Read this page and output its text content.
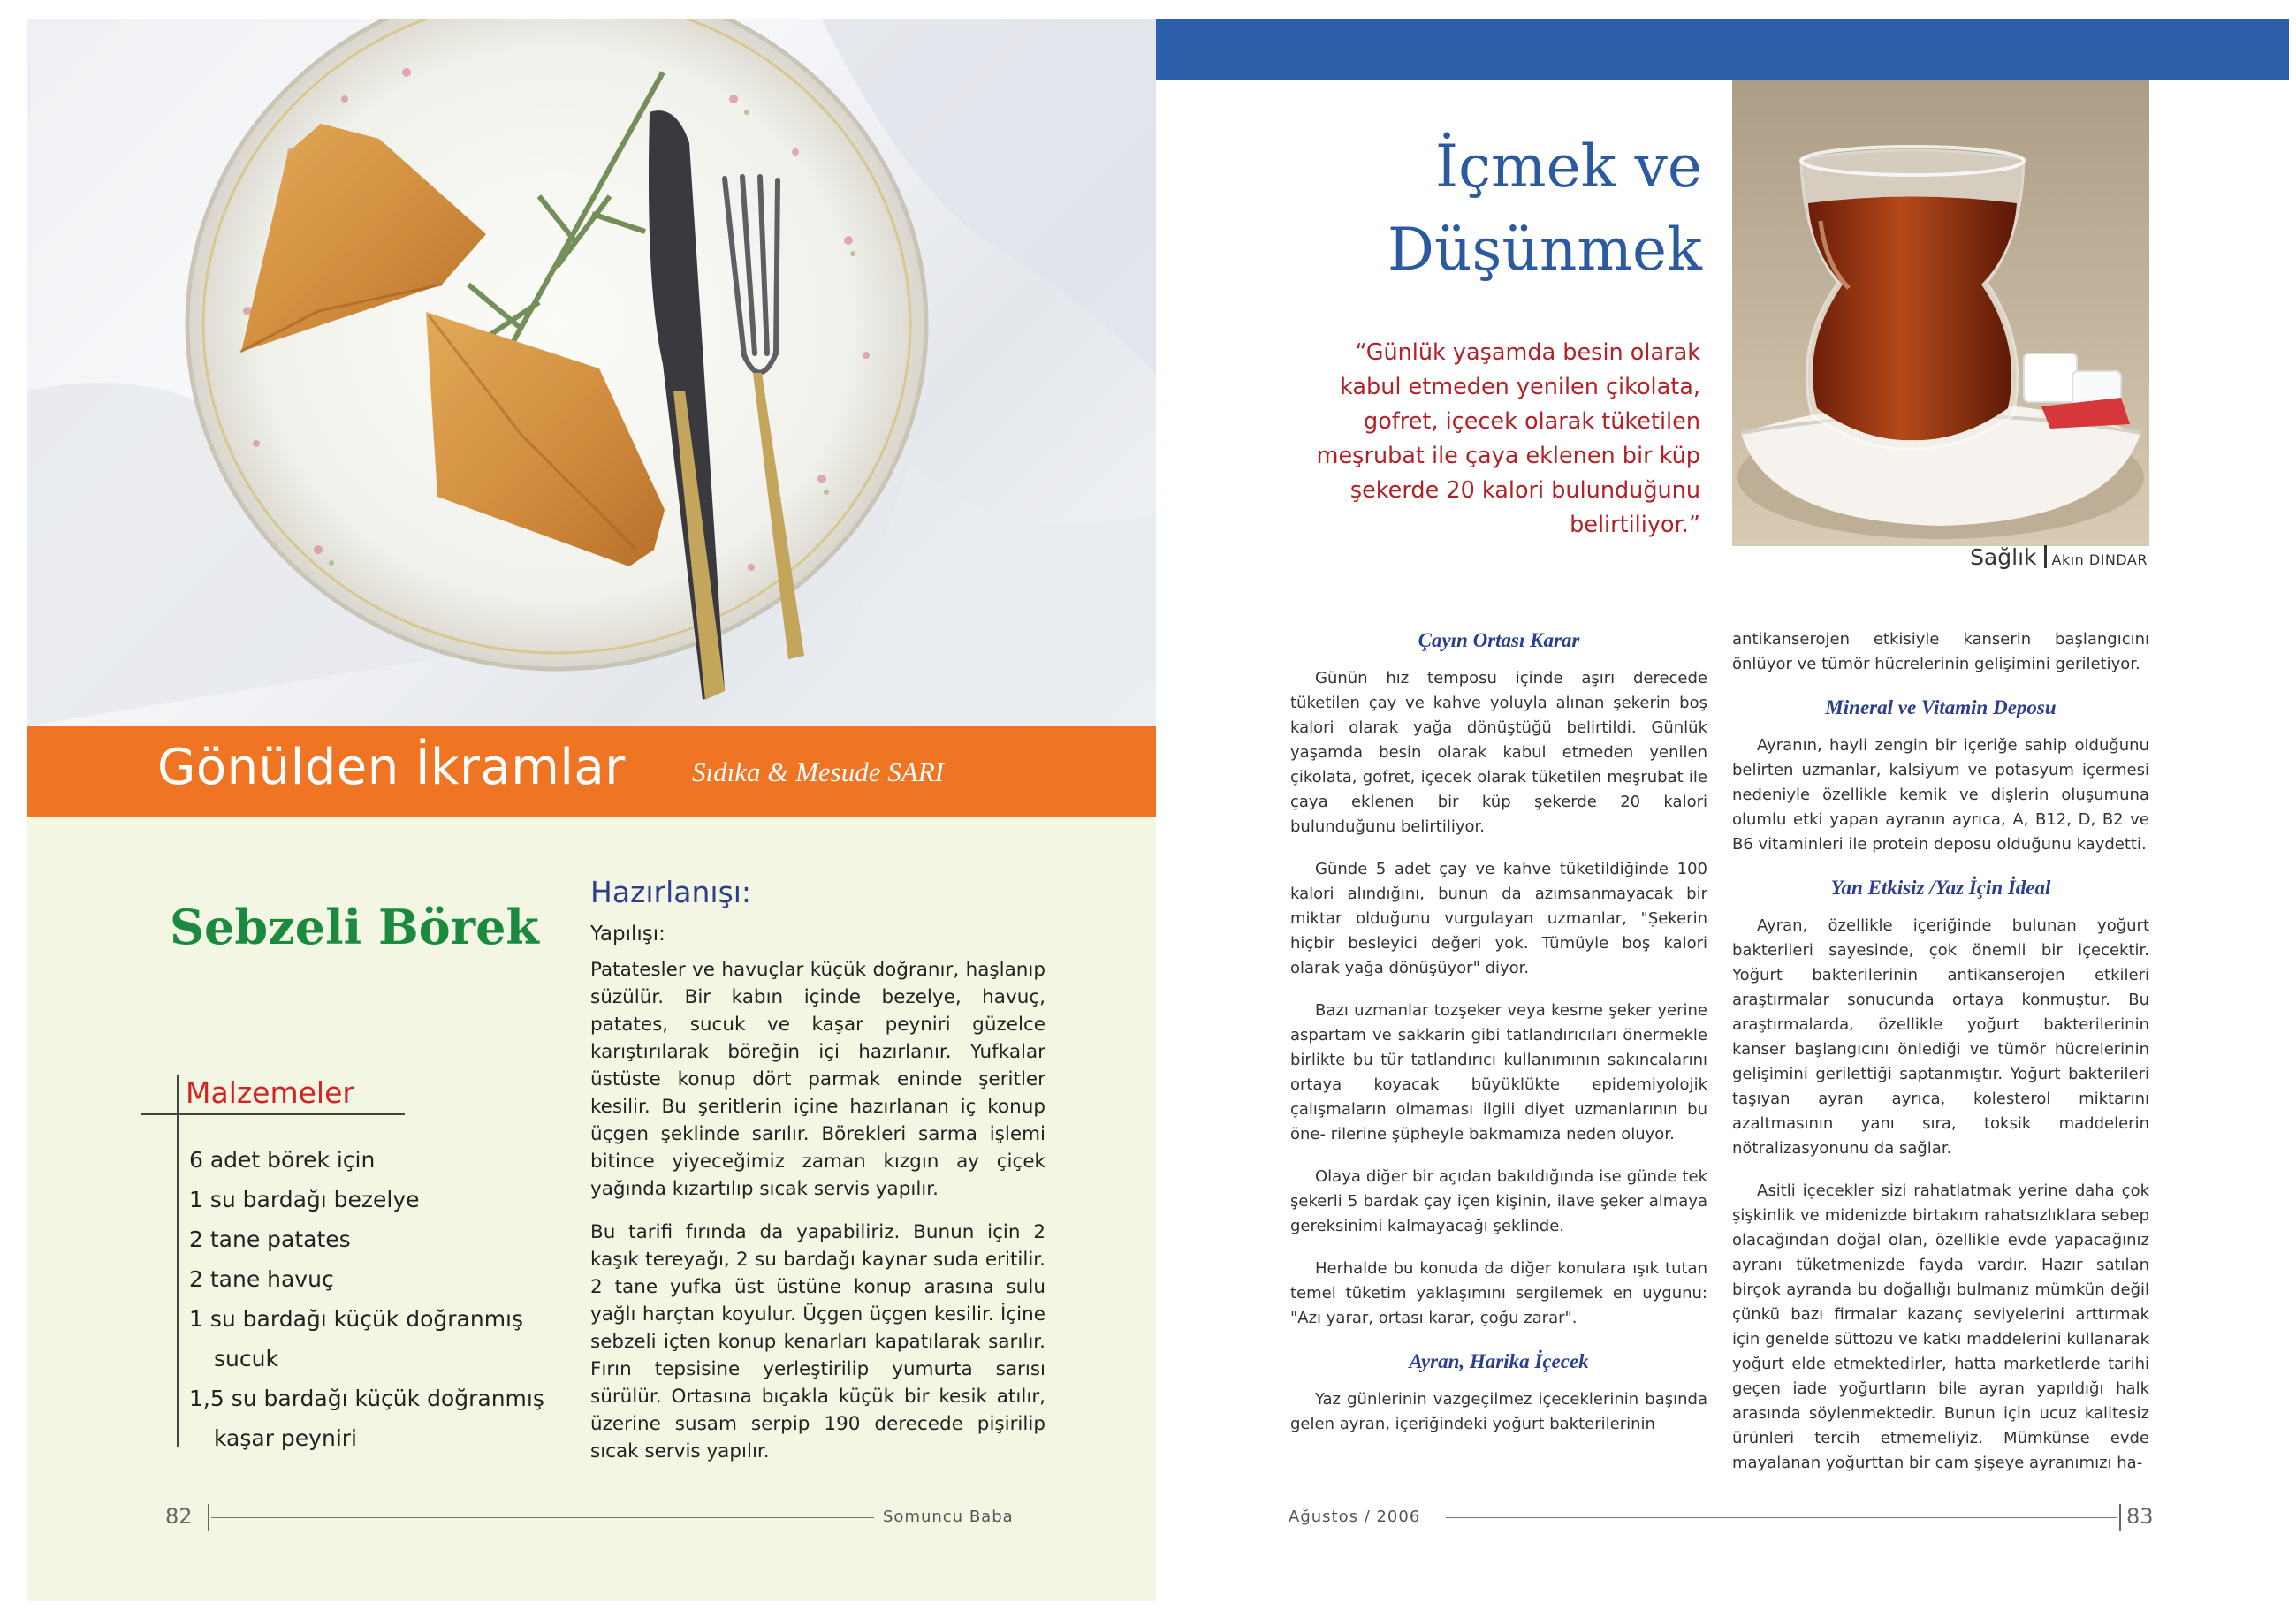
Gönülden İkramlar Sıdıka & Mesude SARI
Sebzeli Börek
Malzemeler
6 adet börek için
1 su bardağı bezelye
2 tane patates
2 tane havuç
1 su bardağı küçük doğranmış
sucuk
1,5 su bardağı küçük doğranmış
kaşar peyniri
Hazırlanışı:
Yapılışı:

Patatesler ve havuçlar küçük doğranır, haşlanıp süzülür. Bir kabın içinde bezelye, havuç, patates, sucuk ve kaşar peyniri güzelce karıştırılarak böreğin içi hazırlanır. Yufkalar üstüste konup dört parmak eninde şeritler kesilir. Bu şeritlerin içine hazırlanan iç konup üçgen şeklinde sarılır. Börekleri sarma işlemi bitince yiyeceğimiz zaman kızgın ay çiçek yağında kızartılıp sıcak servis yapılır.

Bu tarifi fırında da yapabiliriz. Bunun için 2 kaşık tereyağı, 2 su bardağı kaynar suda eritilir. 2 tane yufka üst üstüne konup arasına sulu yağlı harçtan koyulur. Üçgen üçgen kesilir. İçine sebzeli içten konup kenarları kapatılarak sarılır. Fırın tepsisine yerleştirilip yumurta sarısı sürülür. Ortasına bıçakla küçük bir kesik atılır, üzerine susam serpip 190 derecede pişirilip sıcak servis yapılır.

82	Somuncu Baba
İçmek ve
Düşünmek
“Günlük yaşamda besin olarak kabul etmeden yenilen çikolata, gofret, içecek olarak tüketilen meşrubat ile çaya eklenen bir küp şekerde 20 kalori bulunduğunu belirtiliyor.”
Sağlık Akın DINDAR
Çayın Ortası Karar

Günün hız temposu içinde aşırı derecede tüketilen çay ve kahve yoluyla alınan şekerin boş kalori olarak yağa dönüştüğü belirtildi. Günlük yaşamda besin olarak kabul etmeden yenilen çikolata, gofret, içecek olarak tüketilen meşrubat ile çaya eklenen bir küp şekerde 20 kalori bulunduğunu belirtiliyor.

Günde 5 adet çay ve kahve tüketildiğinde 100 kalori alındığını, bunun da azımsanmayacak bir miktar olduğunu vurgulayan uzmanlar, "Şekerin hiçbir besleyici değeri yok. Tümüyle boş kalori olarak yağa dönüşüyor" diyor.

Bazı uzmanlar tozşeker veya kesme şeker yerine aspartam ve sakkarin gibi tatlandırıcıları önermekle birlikte bu tür tatlandırıcı kullanımının sakıncalarını ortaya koyacak büyüklükte epidemiyolojik çalışmaların olmaması ilgili diyet uzmanlarının bu öne- rilerine şüpheyle bakmamıza neden oluyor.

Olaya diğer bir açıdan bakıldığında ise günde tek şekerli 5 bardak çay içen kişinin, ilave şeker almaya gereksinimi kalmayacağı şeklinde.

Herhalde bu konuda da diğer konulara ışık tutan temel tüketim yaklaşımını sergilemek en uygunu: "Azı yarar, ortası karar, çoğu zarar".

Ayran, Harika İçecek

Yaz günlerinin vazgeçilmez içeceklerinin başında gelen ayran, içeriğindeki yoğurt bakterilerinin

antikanserojen etkisiyle kanserin başlangıcını önlüyor ve tümör hücrelerinin gelişimini geriletiyor.

Mineral ve Vitamin Deposu

Ayranın, hayli zengin bir içeriğe sahip olduğunu belirten uzmanlar, kalsiyum ve potasyum içermesi nedeniyle özellikle kemik ve dişlerin oluşumuna olumlu etki yapan ayranın ayrıca, A, B12, D, B2 ve B6 vitaminleri ile protein deposu olduğunu kaydetti.

Yan Etkisiz /Yaz İçin İdeal

Ayran, özellikle içeriğinde bulunan yoğurt bakterileri sayesinde, çok önemli bir içecektir. Yoğurt bakterilerinin antikanserojen etkileri araştırmalar sonucunda ortaya konmuştur. Bu araştırmalarda, özellikle yoğurt bakterilerinin kanser başlangıcını önlediği ve tümör hücrelerinin gelişimini gerilettiği saptanmıştır. Yoğurt bakterileri taşıyan ayran ayrıca, kolesterol miktarını azaltmasının yanı sıra, toksik maddelerin nötralizasyonunu da sağlar.

Asitli içecekler sizi rahatlatmak yerine daha çok şişkinlik ve midenizde birtakım rahatsızlıklara sebep olacağından doğal olan, özellikle evde yapacağınız ayranı tüketmenizde fayda vardır. Hazır satılan birçok ayranda bu doğallığı bulmanız mümkün değil çünkü bazı firmalar kazanç seviyelerini arttırmak için genelde süttozu ve katkı maddelerini kullanarak yoğurt elde etmektedirler, hatta marketlerde tarihi geçen iade yoğurtların bile ayran yapıldığı halk arasında söylenmektedir. Bunun için ucuz kalitesiz ürünleri tercih etmemeliyiz. Mümkünse evde mayalanan yoğurttan bir cam şişeye ayranımızı ha-

Ağustos / 2006	83
